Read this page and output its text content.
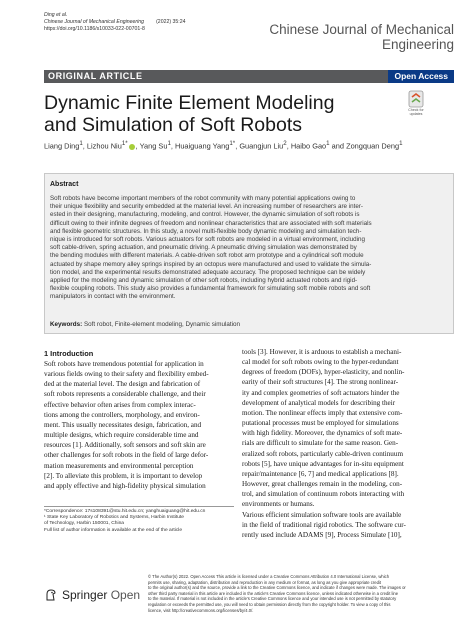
Ding et al.
Chinese Journal of Mechanical Engineering (2022) 35:24
https://doi.org/10.1186/s10033-022-00701-8	Chinese Journal of Mechanical Engineering
ORIGINAL ARTICLE	Open Access
Check for
updates
Dynamic Finite Element Modeling
and Simulation of Soft Robots
Liang Ding$^1$, Lizhou Niu$^{1*}$ , Yang Su$^1$, Huaiguang Yang$^{1*}$, Guangjun Liu$^2$, Haibo Gao$^1$ and Zongquan Deng$^1$
Abstract
Soft robots have become important members of the robot community with many potential applications owing to
their unique flexibility and security embedded at the material level. An increasing number of researchers are inter-
ested in their designing, manufacturing, modeling, and control. However, the dynamic simulation of soft robots is
difficult owing to their infinite degrees of freedom and nonlinear characteristics that are associated with soft materials
and flexible geometric structures. In this study, a novel multi-flexible body dynamic modeling and simulation tech-
nique is introduced for soft robots. Various actuators for soft robots are modeled in a virtual environment, including
soft cable-driven, spring actuation, and pneumatic driving. A pneumatic driving simulation was demonstrated by
the bending modules with different materials. A cable-driven soft robot arm prototype and a cylindrical soft module
actuated by shape memory alley springs inspired by an octopus were manufactured and used to validate the simula-
tion model, and the experimental results demonstrated adequate accuracy. The proposed technique can be widely
applied for the modeling and dynamic simulation of other soft robots, including hybrid actuated robots and rigid-
flexible coupling robots. This study also provides a fundamental framework for simulating soft mobile robots and soft
manipulators in contact with the environment.
Keywords: Soft robot, Finite-element modeling, Dynamic simulation
1 Introduction
Soft robots have tremendous potential for application in
various fields owing to their safety and flexibility embed-
ded at the material level. The design and fabrication of
soft robots represents a considerable challenge, and their
effective behavior often arises from complex interac-
tions among the controllers, morphology, and environ-
ment. This usually necessitates design, fabrication, and
multiple designs, which require considerable time and
resources [1]. Additionally, soft sensors and soft skin are
other challenges for soft robots in the field of large defor-
mation measurements and environmental perception
[2]. To alleviate this problem, it is important to develop
and apply effective and high-fidelity physical simulation
tools [3]. However, it is arduous to establish a mechani-
cal model for soft robots owing to the hyper-redundant
degrees of freedom (DOFs), hyper-elasticity, and nonlin-
earity of their soft structures [4]. The strong nonlinear-
ity and complex geometries of soft actuators hinder the
development of analytical models for describing their
motion. The nonlinear effects imply that extensive com-
putational processes must be employed for simulations
with high fidelity. Moreover, the dynamics of soft mate-
rials are difficult to simulate for the same reason. Gen-
eralized soft robots, particularly cable-driven continuum
robots [5], have unique advantages for in-situ equipment
repair/maintenance [6, 7] and medical applications [8].
However, great challenges remain in the modeling, con-
trol, and simulation of continuum robots interacting with
environments or humans.
Various efficient simulation software tools are available
in the field of traditional rigid robotics. The software cur-
rently used include ADAMS [9], Process Simulate [10],
*Correspondence: 17s108391@stu.hit.edu.cn; yanghuaiguang@hit.edu.cn
¹ State Key Laboratory of Robotics and Systems, Harbin Institute
of Technology, Harbin 150001, China
Full list of author information is available at the end of the article
Springer Open
© The Author(s) 2022. Open Access This article is licensed under a Creative Commons Attribution 4.0 International License, which
permits use, sharing, adaptation, distribution and reproduction in any medium or format, as long as you give appropriate credit
to the original author(s) and the source, provide a link to the Creative Commons licence, and indicate if changes were made. The images or
other third party material in this article are included in the article's Creative Commons licence, unless indicated otherwise in a credit line
to the material. If material is not included in the article's Creative Commons licence and your intended use is not permitted by statutory
regulation or exceeds the permitted use, you will need to obtain permission directly from the copyright holder. To view a copy of this
licence, visit http://creativecommons.org/licenses/by/4.0/.
